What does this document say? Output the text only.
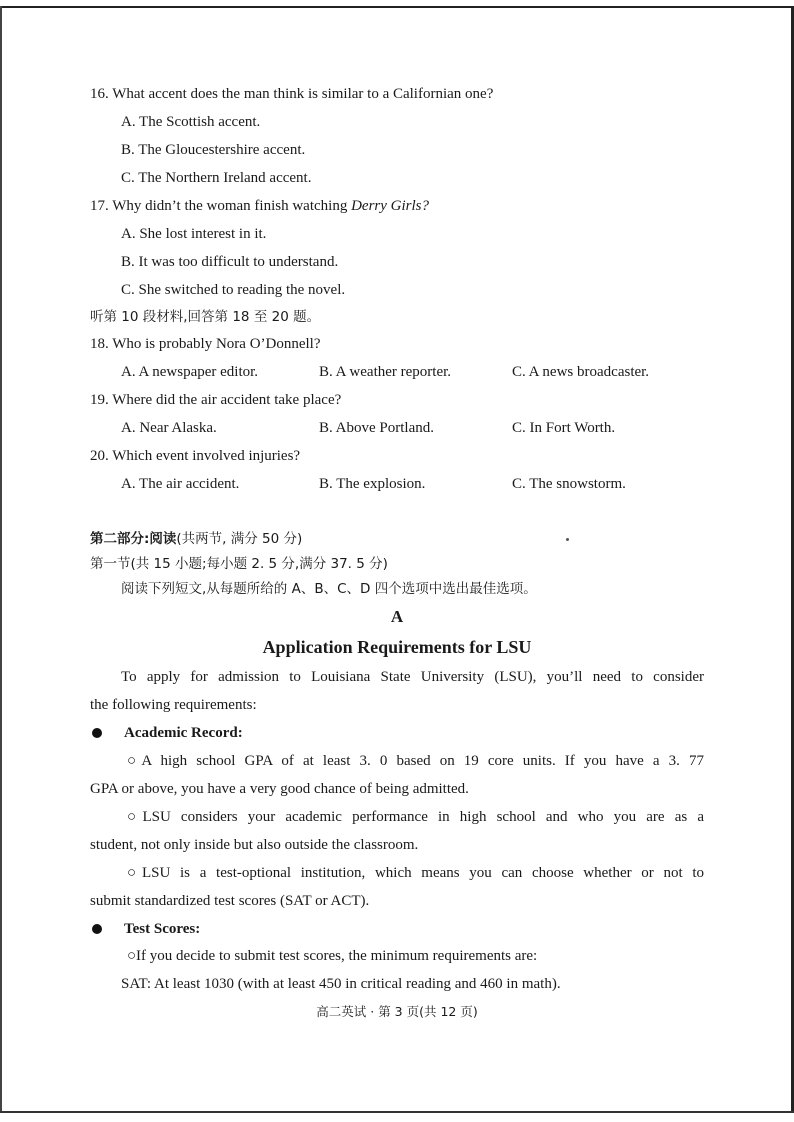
16. What accent does the man think is similar to a Californian one?
A. The Scottish accent.
B. The Gloucestershire accent.
C. The Northern Ireland accent.
17. Why didn’t the woman finish watching Derry Girls?
A. She lost interest in it.
B. It was too difficult to understand.
C. She switched to reading the novel.
听第 10 段材料,回答第 18 至 20 题。
18. Who is probably Nora O’Donnell?
A. A newspaper editor.	B. A weather reporter.	C. A news broadcaster.
19. Where did the air accident take place?
A. Near Alaska.	B. Above Portland.	C. In Fort Worth.
20. Which event involved injuries?
A. The air accident.	B. The explosion.	C. The snowstorm.
第二部分:阅读(共两节, 满分 50 分)
第一节(共 15 小题;每小题 2. 5 分,满分 37. 5 分)
阅读下列短文,从每题所给的 A、B、C、D 四个选项中选出最佳选项。
A
Application Requirements for LSU
To apply for admission to Louisiana State University (LSU), you’ll need to consider
the following requirements:
Academic Record:
○A high school GPA of at least 3. 0 based on 19 core units. If you have a 3. 77
GPA or above, you have a very good chance of being admitted.
○LSU considers your academic performance in high school and who you are as a
student, not only inside but also outside the classroom.
○LSU is a test-optional institution, which means you can choose whether or not to
submit standardized test scores (SAT or ACT).
Test Scores:
○If you decide to submit test scores, the minimum requirements are:
SAT: At least 1030 (with at least 450 in critical reading and 460 in math).
高二英试 · 第 3 页(共 12 页)
